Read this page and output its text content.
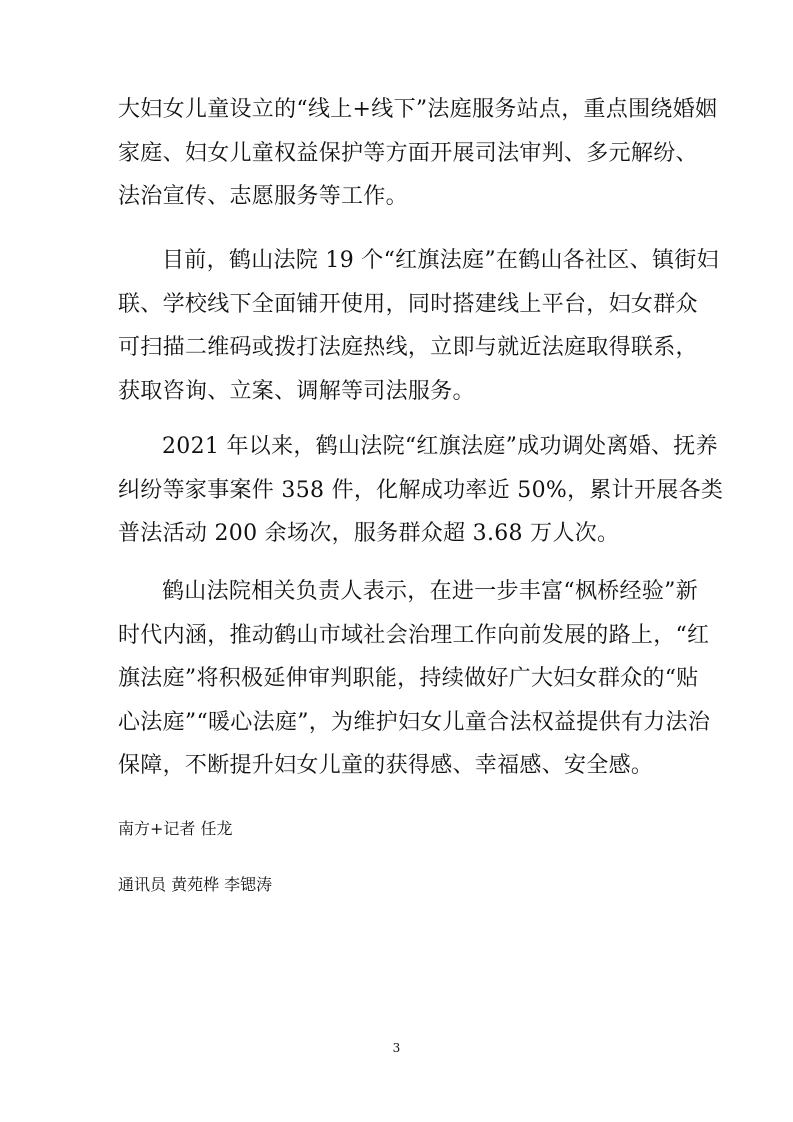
大妇女儿童设立的“线上+线下”法庭服务站点，重点围绕婚姻
家庭、妇女儿童权益保护等方面开展司法审判、多元解纷、
法治宣传、志愿服务等工作。
目前，鹤山法院 19 个“红旗法庭”在鹤山各社区、镇街妇
联、学校线下全面铺开使用，同时搭建线上平台，妇女群众
可扫描二维码或拨打法庭热线，立即与就近法庭取得联系，
获取咨询、立案、调解等司法服务。
2021 年以来，鹤山法院“红旗法庭”成功调处离婚、抚养
纠纷等家事案件 358 件，化解成功率近 50%，累计开展各类
普法活动 200 余场次，服务群众超 3.68 万人次。
鹤山法院相关负责人表示，在进一步丰富“枫桥经验”新
时代内涵，推动鹤山市域社会治理工作向前发展的路上，“红
旗法庭”将积极延伸审判职能，持续做好广大妇女群众的“贴
心法庭”“暖心法庭”，为维护妇女儿童合法权益提供有力法治
保障，不断提升妇女儿童的获得感、幸福感、安全感。

南方+记者 任龙

通讯员 黄苑桦 李锶涛

3
